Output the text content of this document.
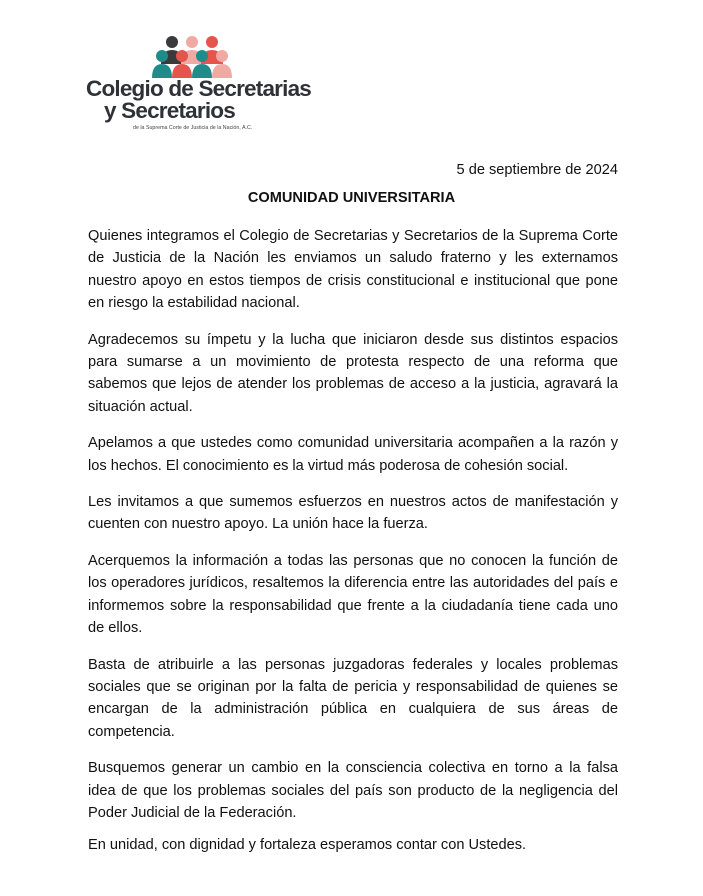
Colegio de Secretarias
y Secretarios
de la Suprema Corte de Justicia de la Nación, A.C.
5 de septiembre de 2024
COMUNIDAD UNIVERSITARIA

Quienes integramos el Colegio de Secretarias y Secretarios de la Suprema Corte de Justicia de la Nación les enviamos un saludo fraterno y les externamos nuestro apoyo en estos tiempos de crisis constitucional e institucional que pone en riesgo la estabilidad nacional.

Agradecemos su ímpetu y la lucha que iniciaron desde sus distintos espacios para sumarse a un movimiento de protesta respecto de una reforma que sabemos que lejos de atender los problemas de acceso a la justicia, agravará la situación actual.

Apelamos a que ustedes como comunidad universitaria acompañen a la razón y los hechos. El conocimiento es la virtud más poderosa de cohesión social.

Les invitamos a que sumemos esfuerzos en nuestros actos de manifestación y cuenten con nuestro apoyo. La unión hace la fuerza.

Acerquemos la información a todas las personas que no conocen la función de los operadores jurídicos, resaltemos la diferencia entre las autoridades del país e informemos sobre la responsabilidad que frente a la ciudadanía tiene cada uno de ellos.

Basta de atribuirle a las personas juzgadoras federales y locales problemas sociales que se originan por la falta de pericia y responsabilidad de quienes se encargan de la administración pública en cualquiera de sus áreas de competencia.

Busquemos generar un cambio en la consciencia colectiva en torno a la falsa idea de que los problemas sociales del país son producto de la negligencia del Poder Judicial de la Federación.

En unidad, con dignidad y fortaleza esperamos contar con Ustedes.
